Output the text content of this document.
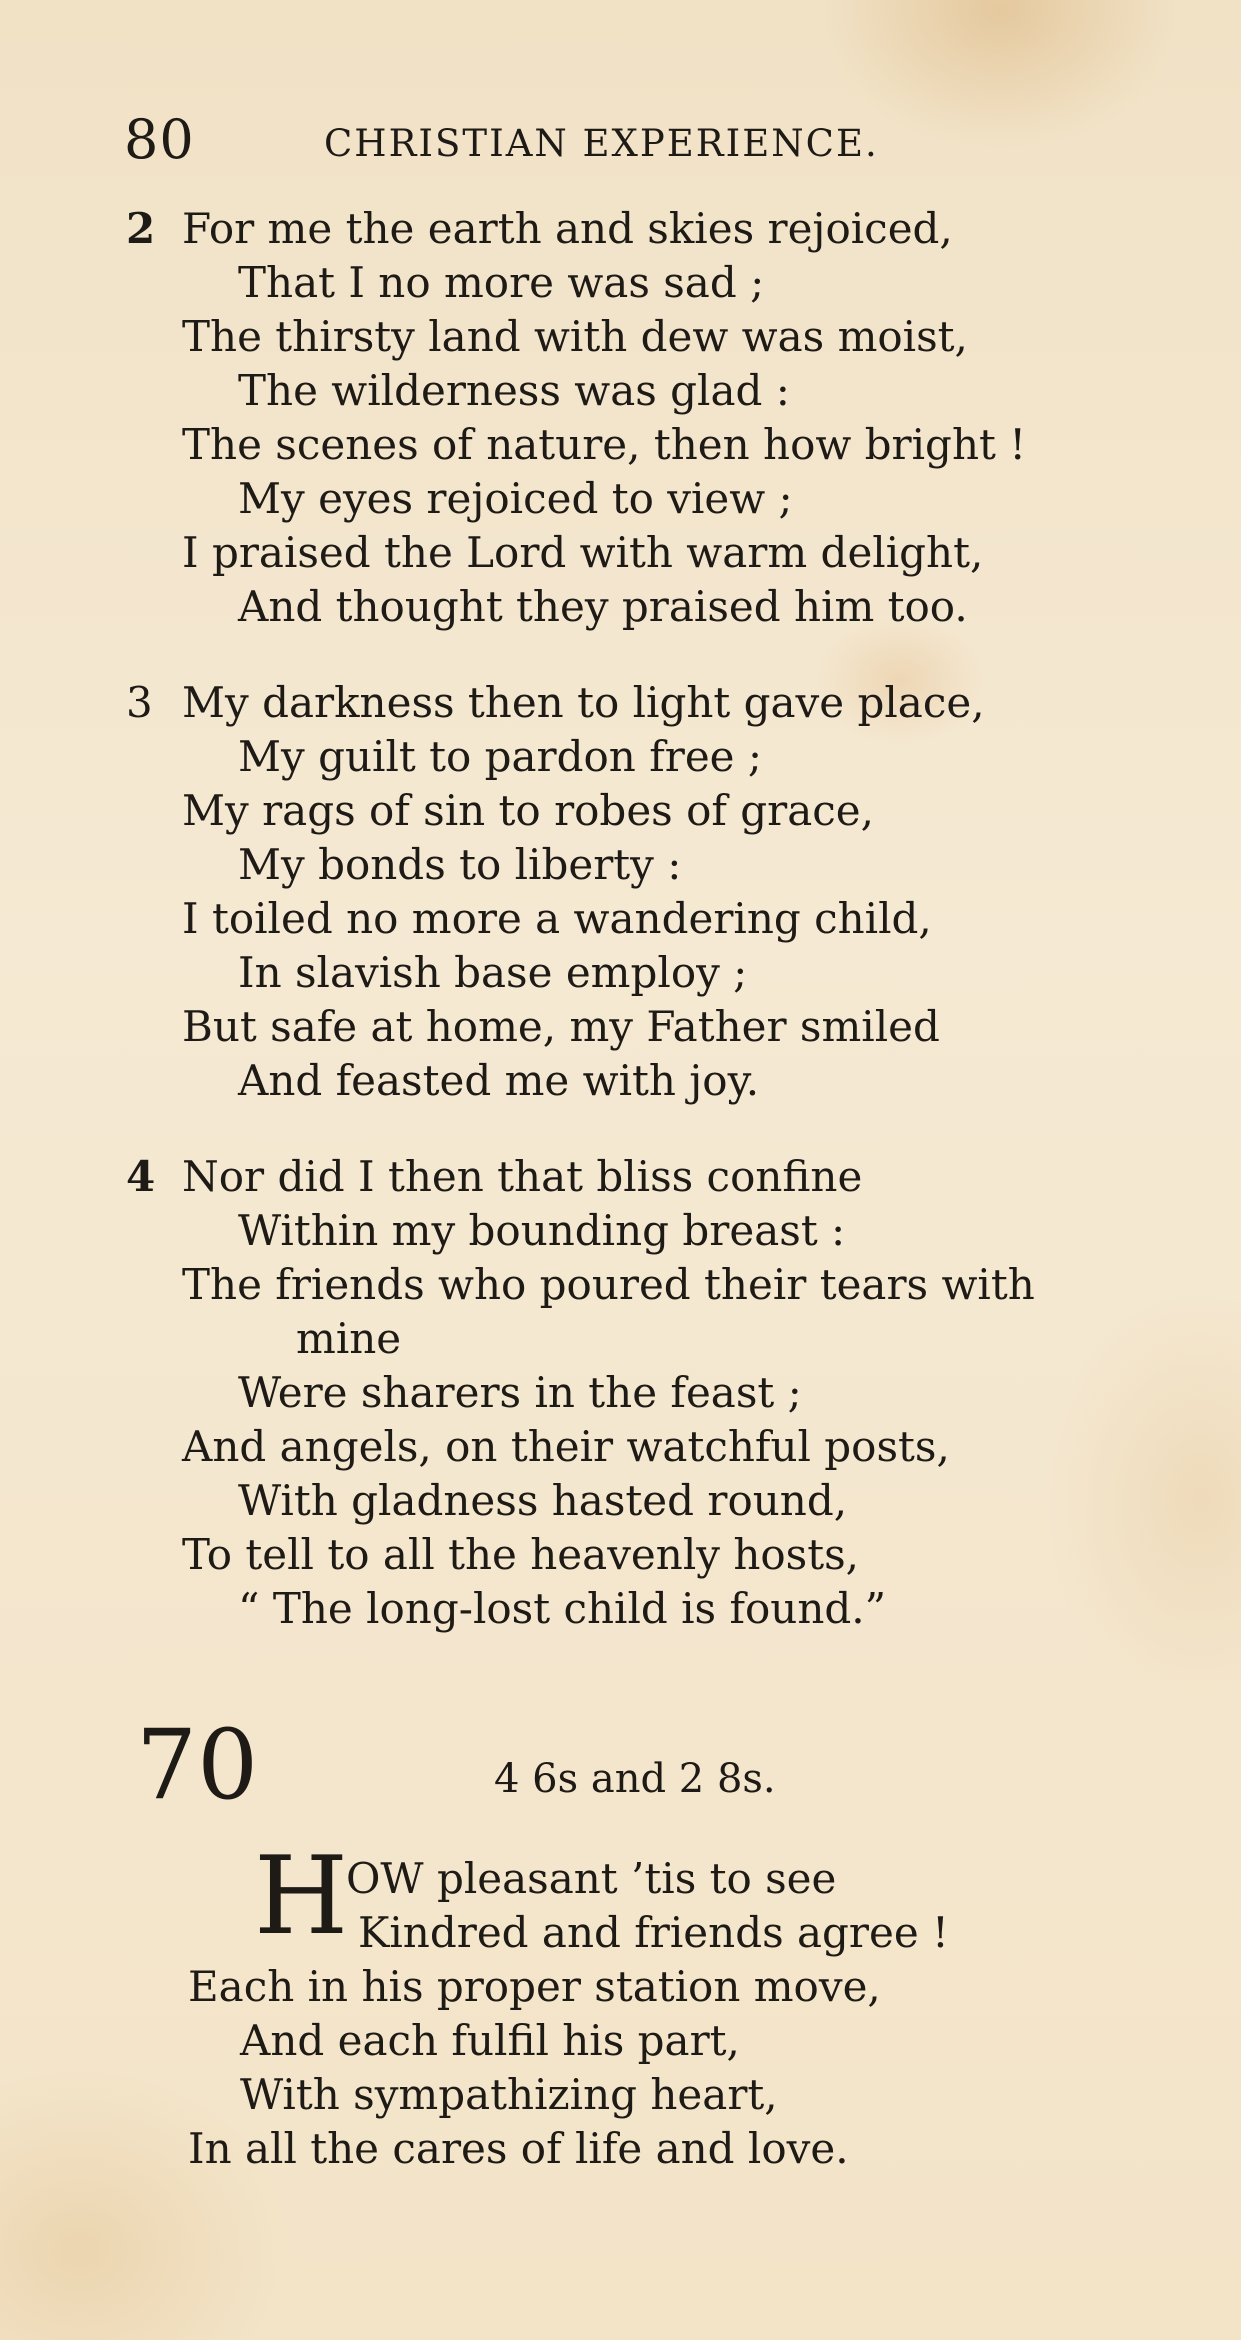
80	CHRISTIAN EXPERIENCE.
2 For me the earth and skies rejoiced,
That I no more was sad ;
The thirsty land with dew was moist,
The wilderness was glad :
The scenes of nature, then how bright !
My eyes rejoiced to view ;
I praised the Lord with warm delight,
And thought they praised him too.
3 My darkness then to light gave place,
My guilt to pardon free ;
My rags of sin to robes of grace,
My bonds to liberty :
I toiled no more a wandering child,
In slavish base employ ;
But safe at home, my Father smiled
And feasted me with joy.
4 Nor did I then that bliss confine
Within my bounding breast :
The friends who poured their tears with
mine
Were sharers in the feast ;
And angels, on their watchful posts,
With gladness hasted round,
To tell to all the heavenly hosts,
“ The long-lost child is found.”
70	4 6s and 2 8s.
H
OW pleasant ’tis to see
Kindred and friends agree !
Each in his proper station move,
And each fulfil his part,
With sympathizing heart,
In all the cares of life and love.
